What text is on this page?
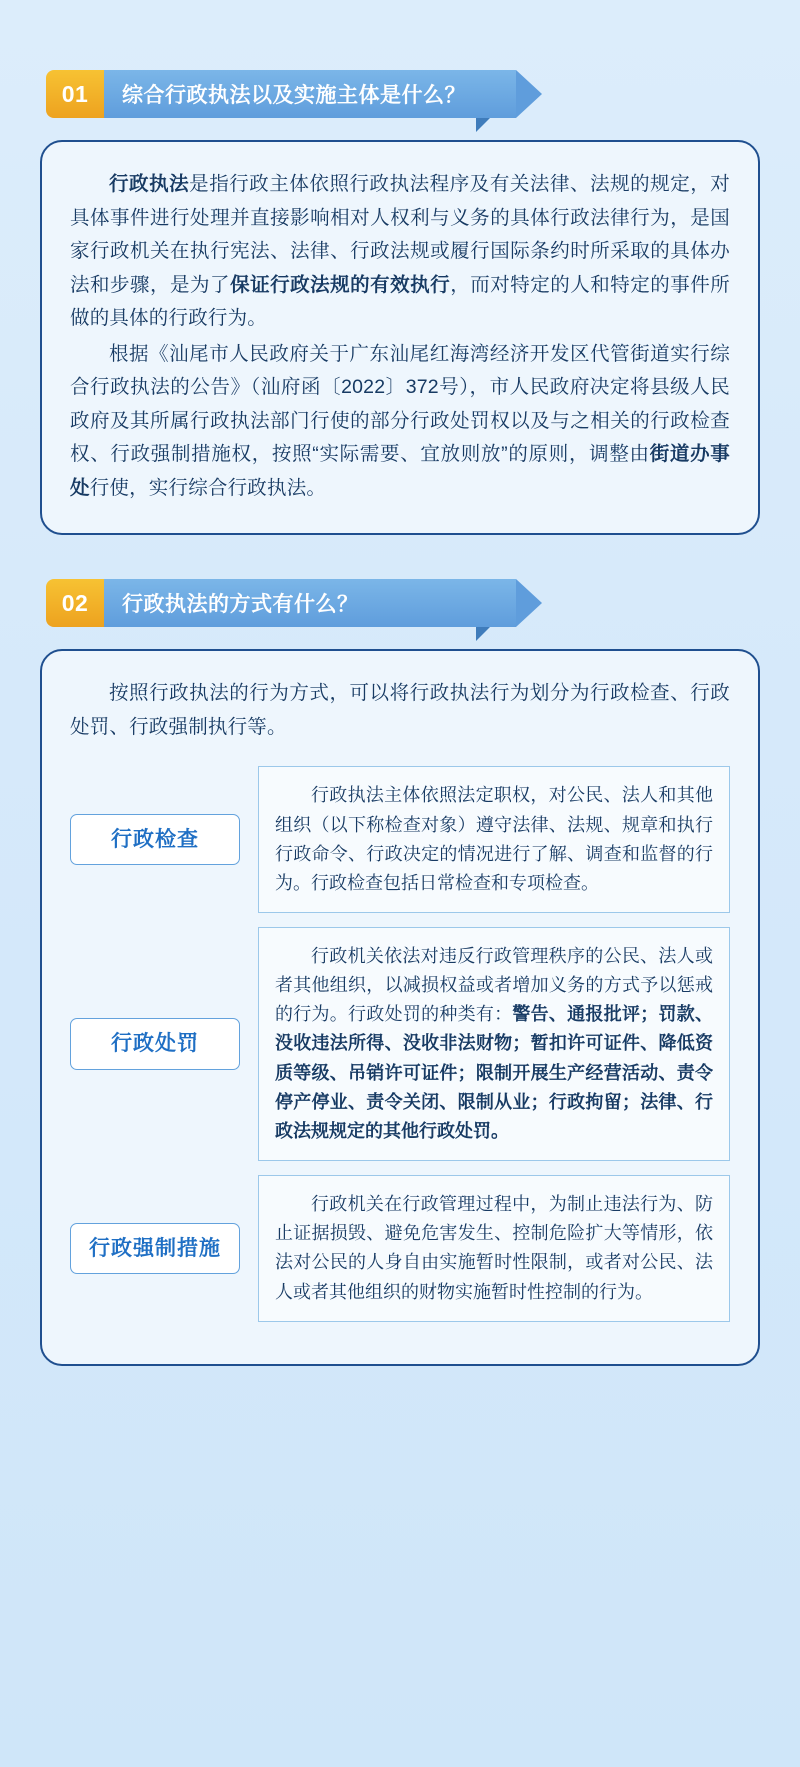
01	综合行政执法以及实施主体是什么？

行政执法是指行政主体依照行政执法程序及有关法律、法规的规定，对具体事件进行处理并直接影响相对人权利与义务的具体行政法律行为，是国家行政机关在执行宪法、法律、行政法规或履行国际条约时所采取的具体办法和步骤，是为了保证行政法规的有效执行，而对特定的人和特定的事件所做的具体的行政行为。

根据《汕尾市人民政府关于广东汕尾红海湾经济开发区代管街道实行综合行政执法的公告》（汕府函〔2022〕372号），市人民政府决定将县级人民政府及其所属行政执法部门行使的部分行政处罚权以及与之相关的行政检查权、行政强制措施权，按照“实际需要、宜放则放”的原则，调整由街道办事处行使，实行综合行政执法。

02	行政执法的方式有什么？

按照行政执法的行为方式，可以将行政执法行为划分为行政检查、行政处罚、行政强制执行等。

行政检查

行政执法主体依照法定职权，对公民、法人和其他组织（以下称检查对象）遵守法律、法规、规章和执行行政命令、行政决定的情况进行了解、调查和监督的行为。行政检查包括日常检查和专项检查。

行政处罚

行政机关依法对违反行政管理秩序的公民、法人或者其他组织，以减损权益或者增加义务的方式予以惩戒的行为。行政处罚的种类有：警告、通报批评；罚款、没收违法所得、没收非法财物；暂扣许可证件、降低资质等级、吊销许可证件；限制开展生产经营活动、责令停产停业、责令关闭、限制从业；行政拘留；法律、行政法规规定的其他行政处罚。

行政强制措施

行政机关在行政管理过程中，为制止违法行为、防止证据损毁、避免危害发生、控制危险扩大等情形，依法对公民的人身自由实施暂时性限制，或者对公民、法人或者其他组织的财物实施暂时性控制的行为。
